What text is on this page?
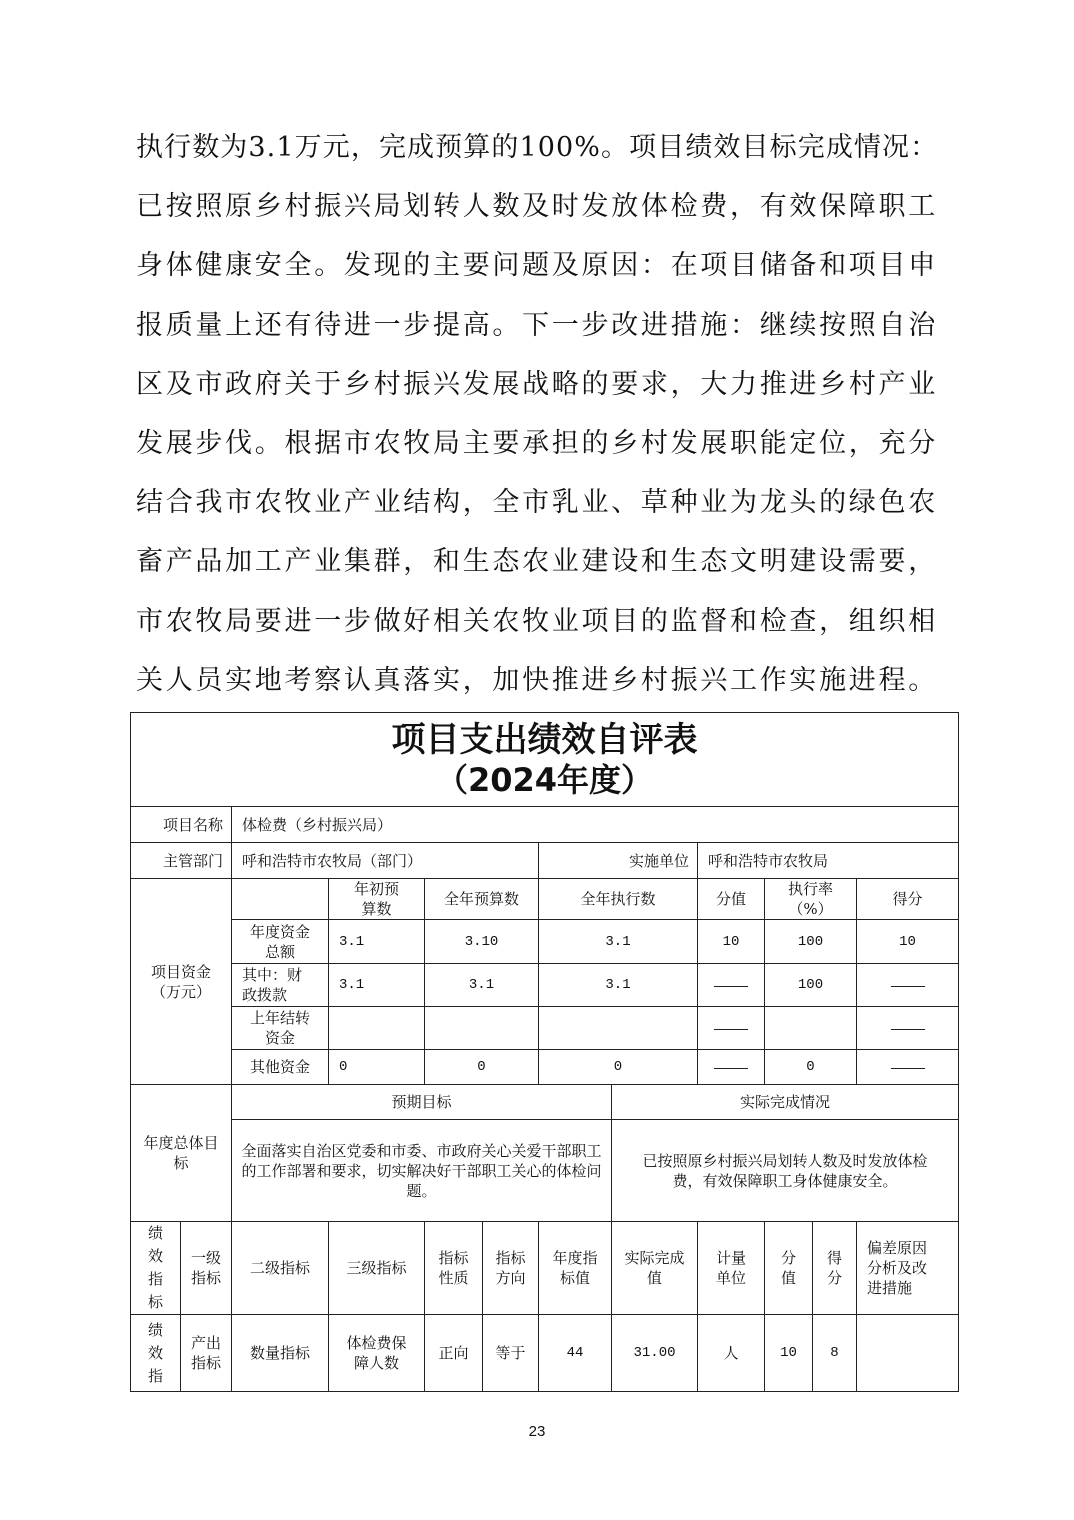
执行数为3.1万元，完成预算的100%。项目绩效目标完成情况：
已按照原乡村振兴局划转人数及时发放体检费，有效保障职工
身体健康安全。发现的主要问题及原因：在项目储备和项目申
报质量上还有待进一步提高。下一步改进措施：继续按照自治
区及市政府关于乡村振兴发展战略的要求，大力推进乡村产业
发展步伐。根据市农牧局主要承担的乡村发展职能定位，充分
结合我市农牧业产业结构，全市乳业、草种业为龙头的绿色农
畜产品加工产业集群，和生态农业建设和生态文明建设需要，
市农牧局要进一步做好相关农牧业项目的监督和检查，组织相
关人员实地考察认真落实，加快推进乡村振兴工作实施进程。
项目支出绩效自评表
（2024年度）											

项目名称		体检费（乡村振兴局）									
主管部门		呼和浩特市农牧局（部门）				实施单位		呼和浩特市农牧局			

项目资金（万元）			年初预算数	全年预算数		全年执行数		分值	执行率（%）		得分
		年度资金总额	3.1	3.10		3.1		10	100		10
		其中：财政拨款	3.1	3.1		3.1			100		
		上年结转资金									
		其他资金	0	0		0			0		

年度总体目标		预期目标					实际完成情况				
		全面落实自治区党委和市委、市政府关心关爱干部职工的工作部署和要求，切实解决好干部职工关心的体检问题。					已按照原乡村振兴局划转人数及时发放体检费，有效保障职工身体健康安全。				

绩效指标	一级指标	二级指标	三级指标	指标性质	指标方向	年度指标值	实际完成值	计量单位	分值	得分	偏差原因分析及改进措施

绩效指	产出指标	数量指标	体检费保障人数	正向	等于	44	31.00	人	10	8	
23
